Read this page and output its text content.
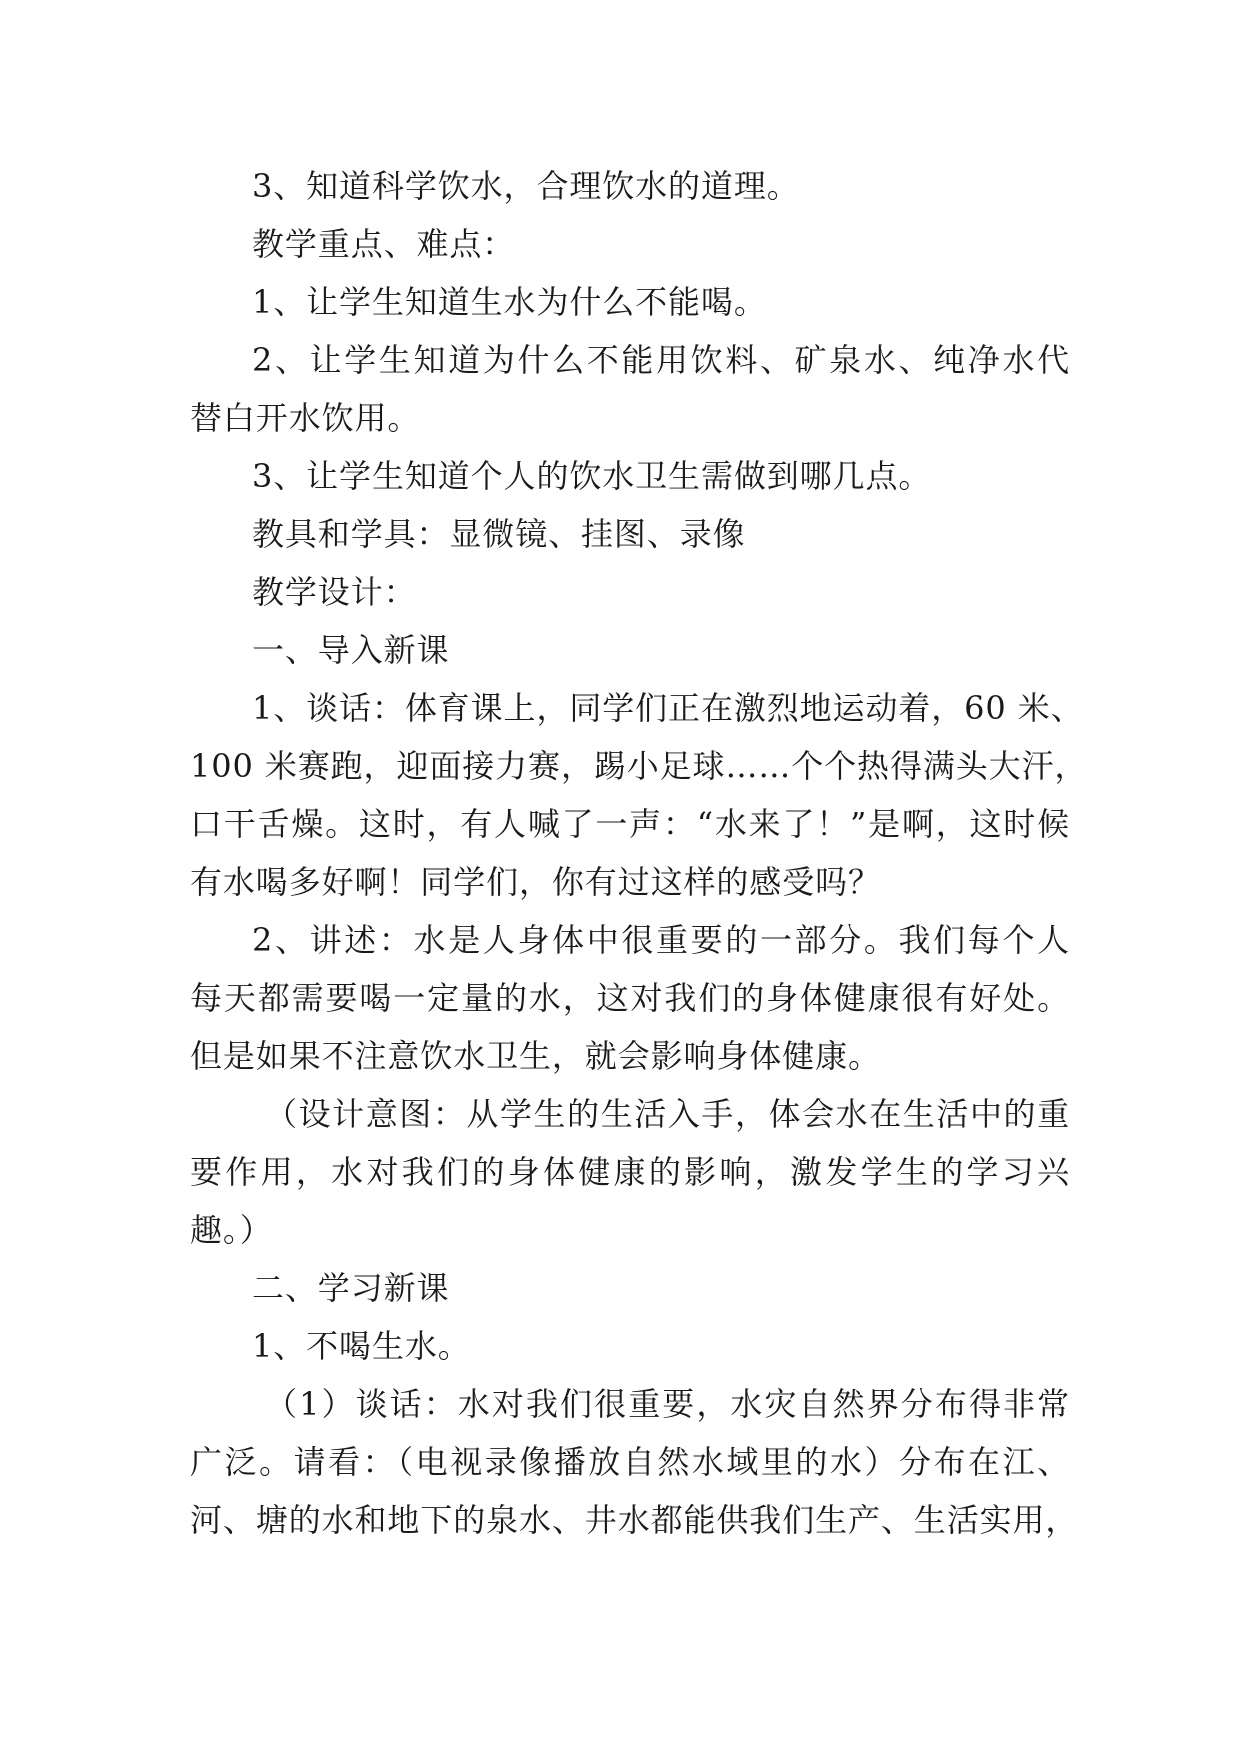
3、知道科学饮水，合理饮水的道理。
教学重点、难点：
1、让学生知道生水为什么不能喝。
2、让学生知道为什么不能用饮料、矿泉水、纯净水代
替白开水饮用。
3、让学生知道个人的饮水卫生需做到哪几点。
教具和学具：显微镜、挂图、录像
教学设计：
一、导入新课
1、谈话：体育课上，同学们正在激烈地运动着，60 米、
100 米赛跑，迎面接力赛，踢小足球……个个热得满头大汗，
口干舌燥。这时，有人喊了一声：“水来了！”是啊，这时候
有水喝多好啊！同学们，你有过这样的感受吗？
2、讲述：水是人身体中很重要的一部分。我们每个人
每天都需要喝一定量的水，这对我们的身体健康很有好处。
但是如果不注意饮水卫生，就会影响身体健康。
（设计意图：从学生的生活入手，体会水在生活中的重
要作用，水对我们的身体健康的影响，激发学生的学习兴
趣。）
二、学习新课
1、不喝生水。
（1）谈话：水对我们很重要，水灾自然界分布得非常
广泛。请看：（电视录像播放自然水域里的水）分布在江、
河、塘的水和地下的泉水、井水都能供我们生产、生活实用，
